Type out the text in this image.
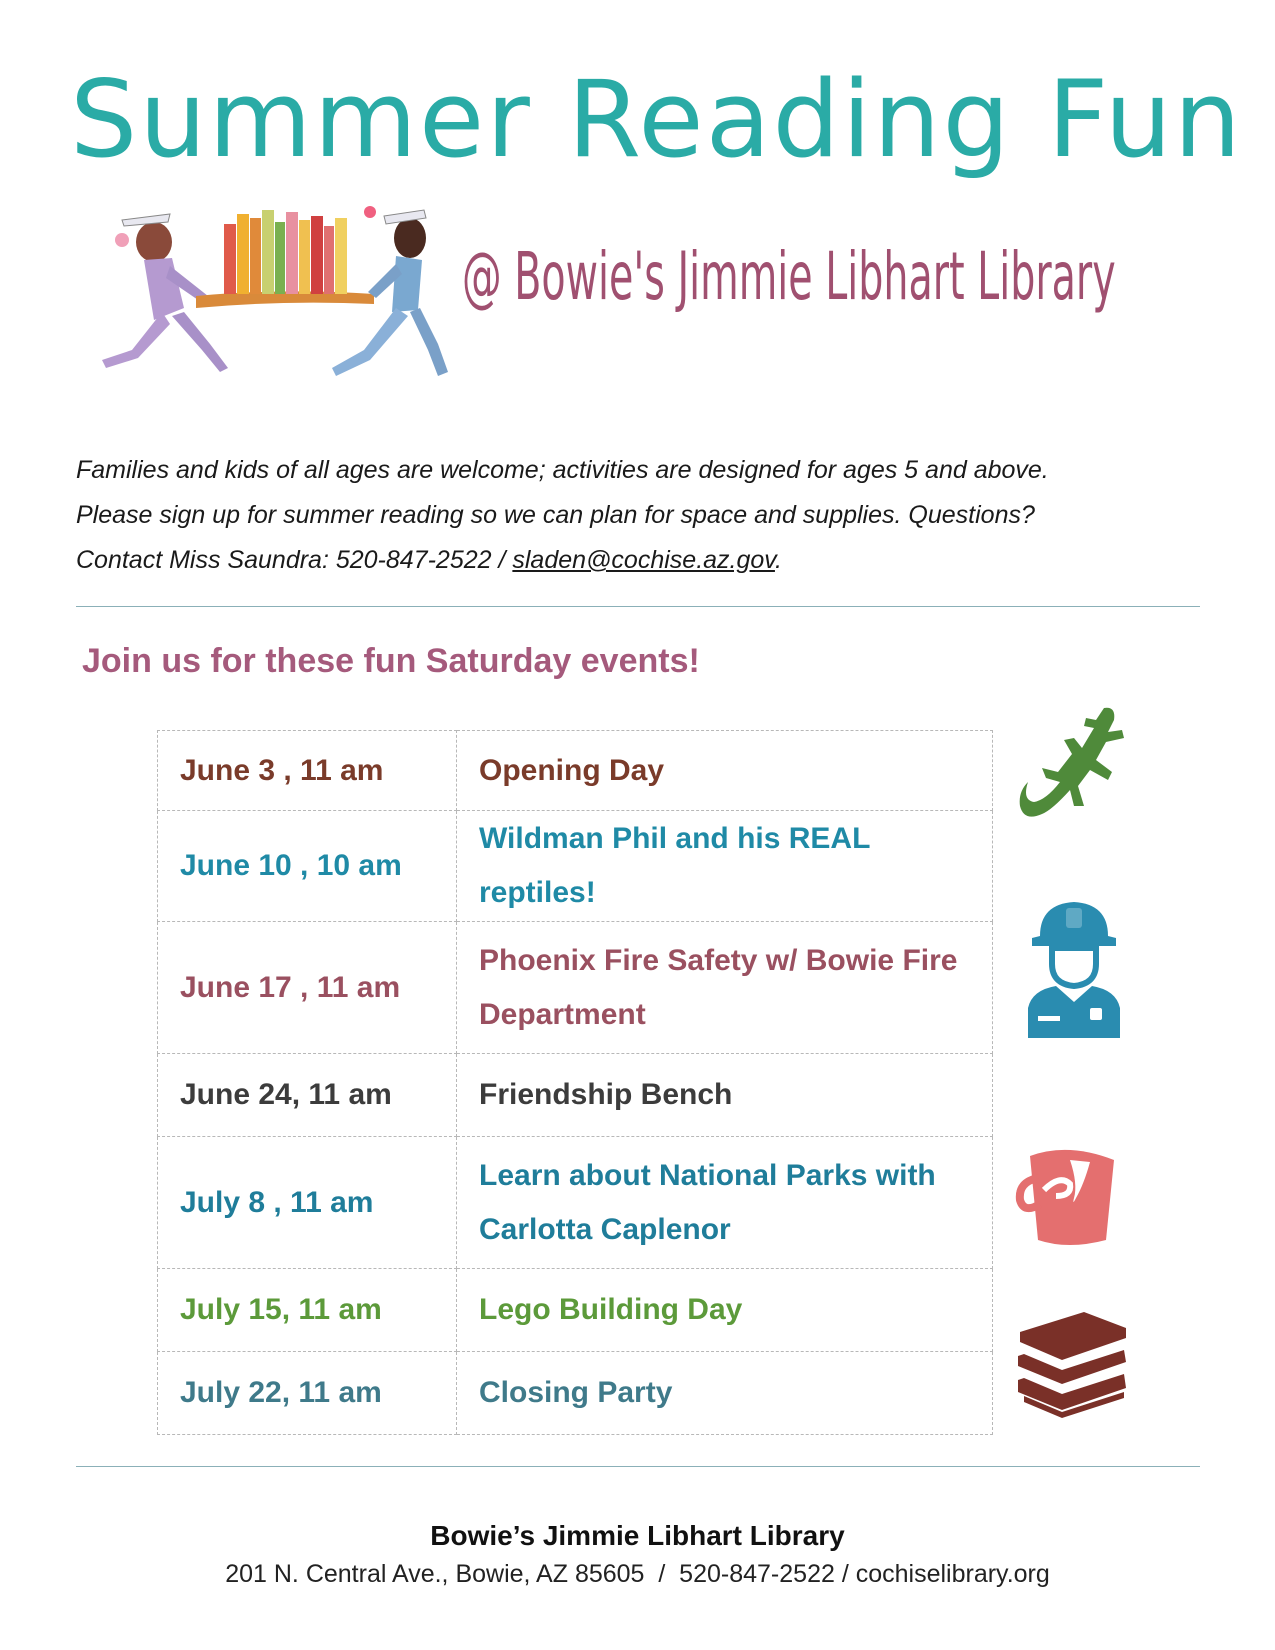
Summer Reading Fun
@ Bowie's Jimmie Libhart Library

Families and kids of all ages are welcome; activities are designed for ages 5 and above.

Please sign up for summer reading so we can plan for space and supplies. Questions?

Contact Miss Saundra: 520-847-2522 / sladen@cochise.az.gov.

Join us for these fun Saturday events!
June 3 , 11 am	Opening Day
June 10 , 10 am	Wildman Phil and his REAL reptiles!
June 17 , 11 am	Phoenix Fire Safety w/ Bowie Fire Department
June 24, 11 am	Friendship Bench
July 8 , 11 am	Learn about National Parks with Carlotta Caplenor
July 15, 11 am	Lego Building Day
July 22, 11 am	Closing Party
Bowie’s Jimmie Libhart Library
201 N. Central Ave., Bowie, AZ 85605  /  520-847-2522 / cochiselibrary.org
